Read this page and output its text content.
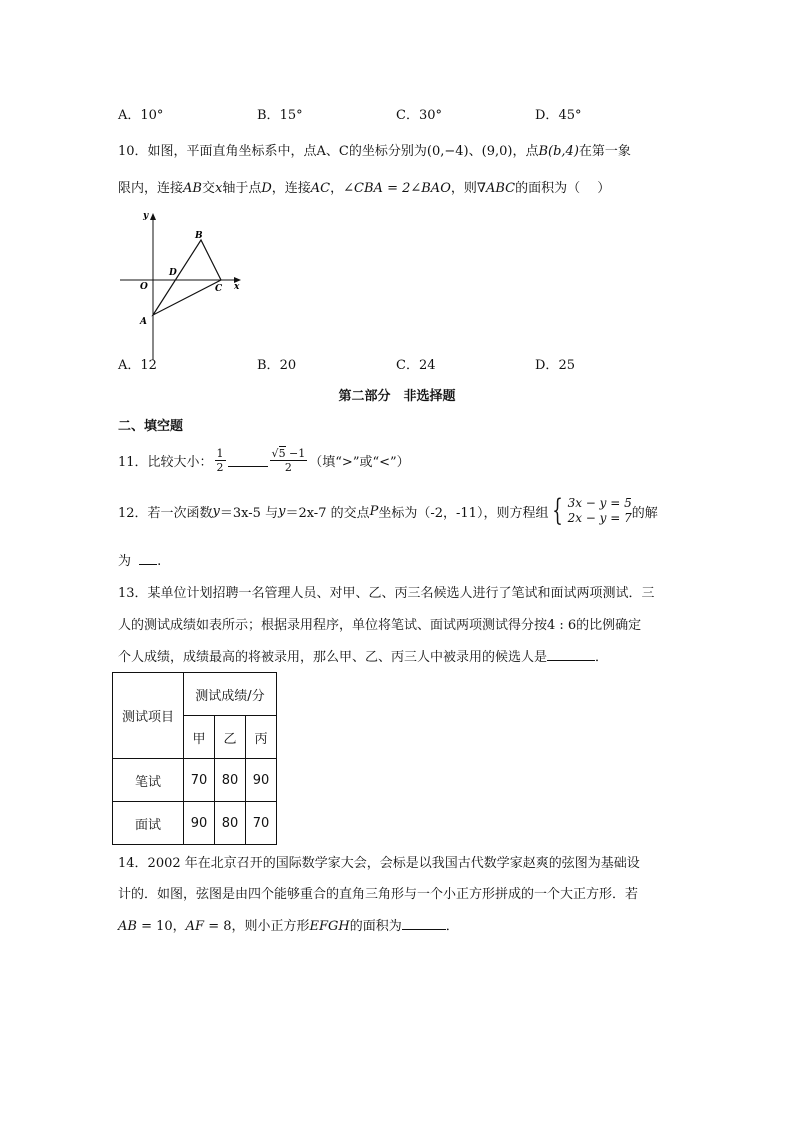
A．10°	B．15°	C．30°	D．45°
10．如图，平面直角坐标系中，点A、C的坐标分别为(0,−4)、(9,0)，点B(b,4)在第一象
限内，连接AB交x轴于点D，连接AC，∠CBA = 2∠BAO，则∇ABC的面积为（　 ）
y
x
B
D
O	C
A
A．12	B．20	C．24	D．25
第二部分　非选择题
二、填空题
11．比较大小： $\frac{1}{2}$	$\frac{√5 -1}{2}$ （填“>”或“<”）
12．若一次函数 y ＝3x-5 与 y ＝2x-7 的交点 P 坐标为（-2，-11），则方程组 { 3x − y = 5
2x − y = 7 的解
为 .
13．某单位计划招聘一名管理人员、对甲、乙、丙三名候选人进行了笔试和面试两项测试．三
人的测试成绩如表所示；根据录用程序，单位将笔试、面试两项测试得分按4 : 6的比例确定
个人成绩，成绩最高的将被录用，那么甲、乙、丙三人中被录用的候选人是	．
测试项目	测试成绩/分		
	甲	乙	丙
笔试	70	80	90
面试	90	80	70
14．2002 年在北京召开的国际数学家大会，会标是以我国古代数学家赵爽的弦图为基础设
计的．如图，弦图是由四个能够重合的直角三角形与一个小正方形拼成的一个大正方形．若
AB = 10，AF = 8，则小正方形EFGH的面积为	．
